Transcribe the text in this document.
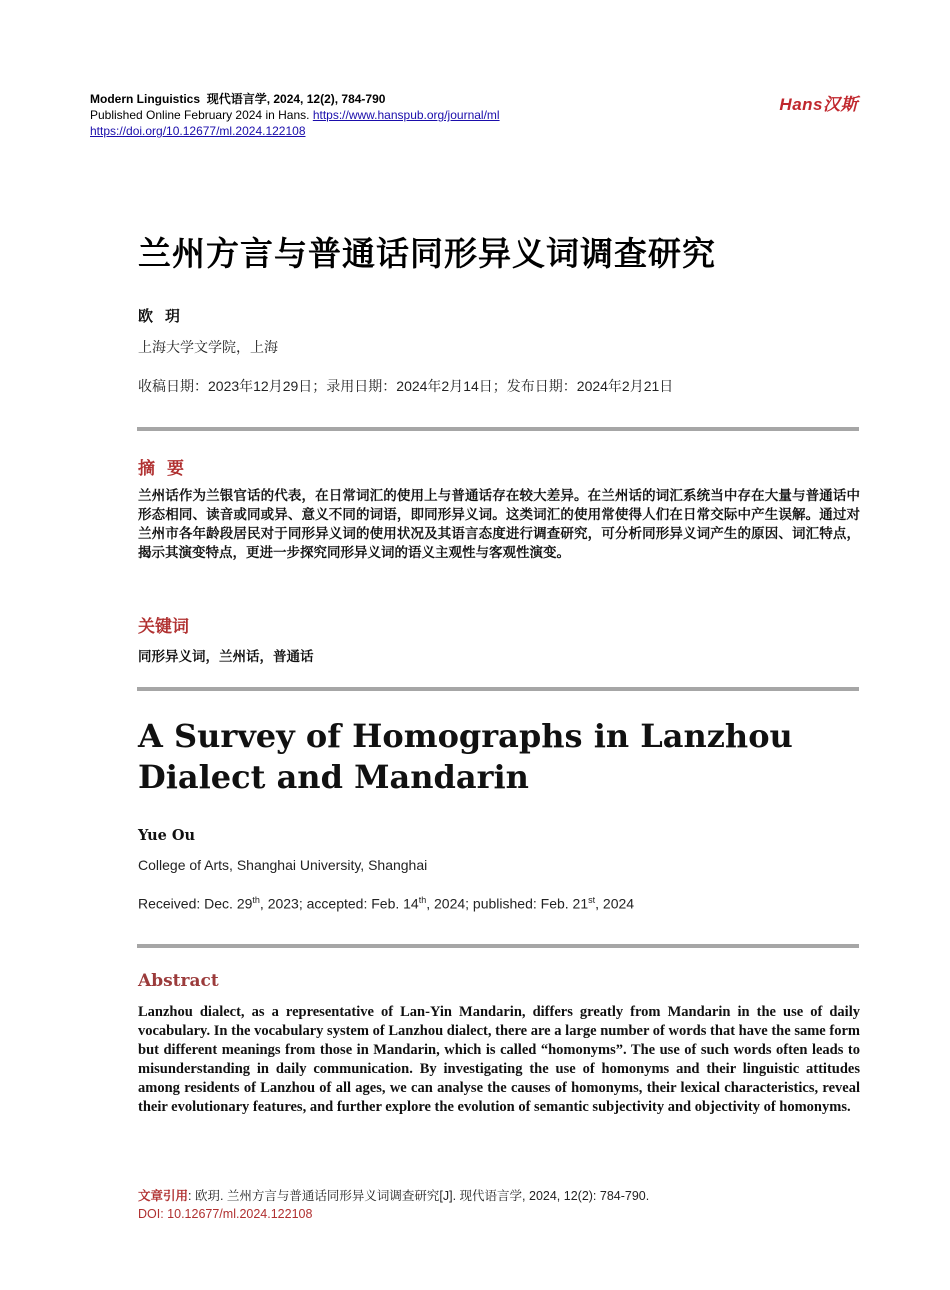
Modern Linguistics 现代语言学, 2024, 12(2), 784-790
Published Online February 2024 in Hans. https://www.hanspub.org/journal/ml
https://doi.org/10.12677/ml.2024.122108
Hans汉斯
兰州方言与普通话同形异义词调查研究
欧玥
上海大学文学院，上海
收稿日期：2023年12月29日；录用日期：2024年2月14日；发布日期：2024年2月21日
摘要
兰州话作为兰银官话的代表，在日常词汇的使用上与普通话存在较大差异。在兰州话的词汇系统当中存在大量与普通话中形态相同、读音或同或异、意义不同的词语，即同形异义词。这类词汇的使用常使得人们在日常交际中产生误解。通过对兰州市各年龄段居民对于同形异义词的使用状况及其语言态度进行调查研究，可分析同形异义词产生的原因、词汇特点，揭示其演变特点，更进一步探究同形异义词的语义主观性与客观性演变。
关键词
同形异义词，兰州话，普通话
A Survey of Homographs in Lanzhou Dialect and Mandarin
Yue Ou
College of Arts, Shanghai University, Shanghai
Received: Dec. 29th, 2023; accepted: Feb. 14th, 2024; published: Feb. 21st, 2024
Abstract
Lanzhou dialect, as a representative of Lan-Yin Mandarin, differs greatly from Mandarin in the use of daily vocabulary. In the vocabulary system of Lanzhou dialect, there are a large number of words that have the same form but different meanings from those in Mandarin, which is called “homonyms”. The use of such words often leads to misunderstanding in daily communication. By investigating the use of homonyms and their linguistic attitudes among residents of Lanzhou of all ages, we can analyse the causes of homonyms, their lexical characteristics, reveal their evolutionary features, and further explore the evolution of semantic subjectivity and objectivity of homonyms.
文章引用: 欧玥. 兰州方言与普通话同形异义词调查研究[J]. 现代语言学, 2024, 12(2): 784-790.
DOI: 10.12677/ml.2024.122108
